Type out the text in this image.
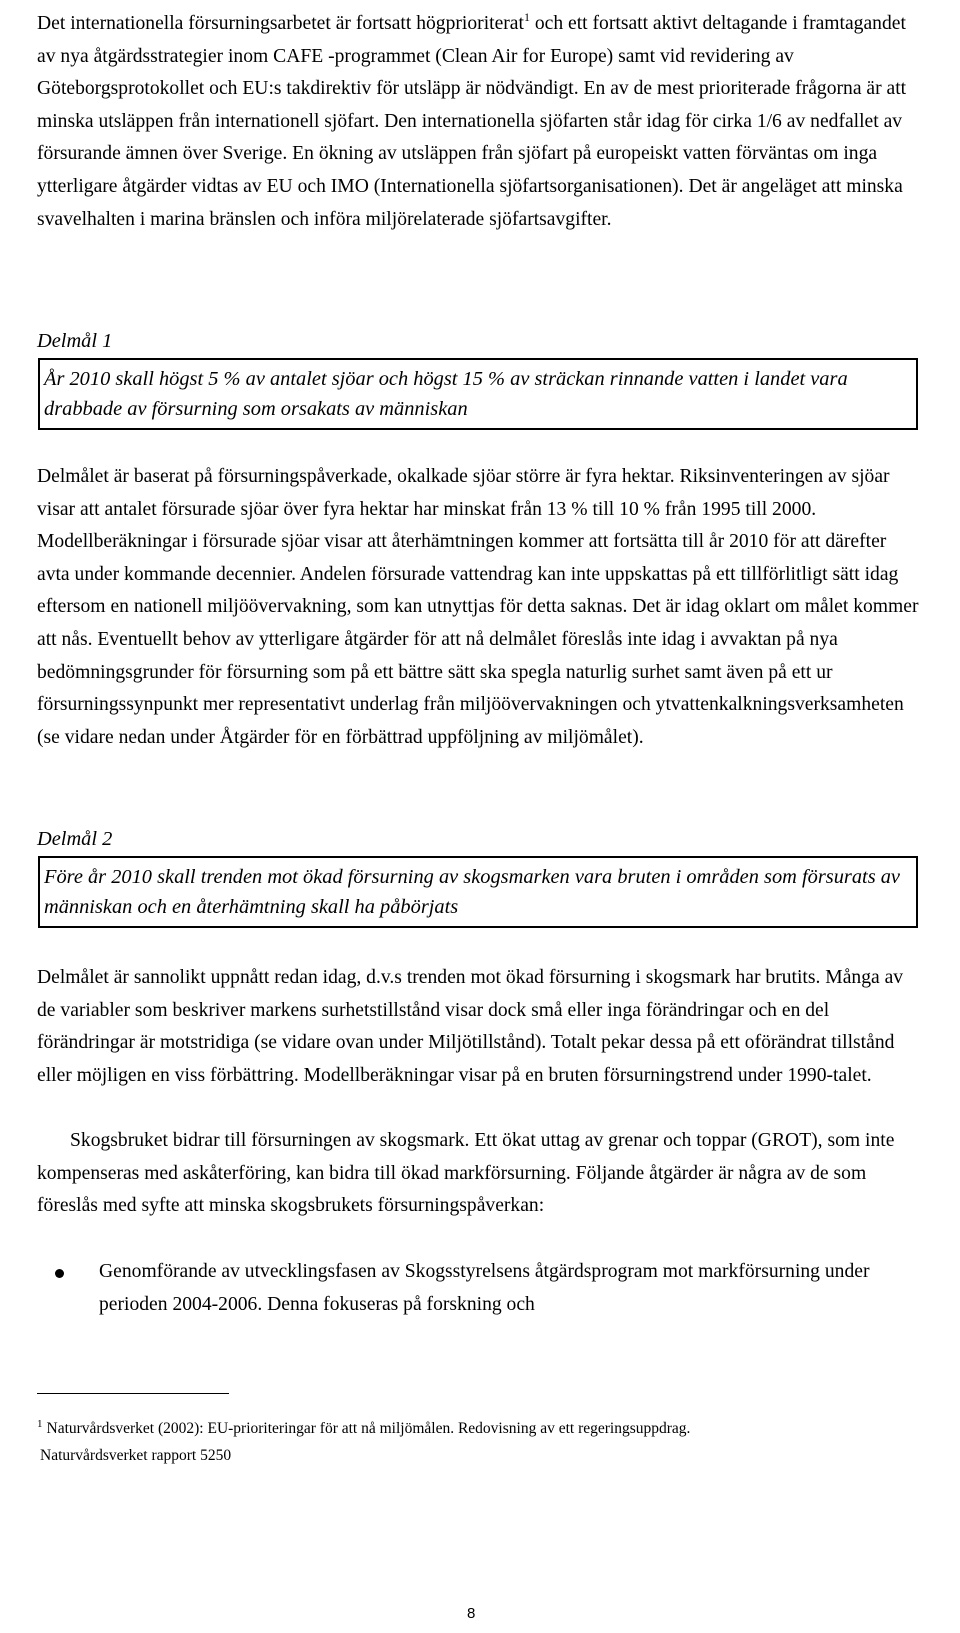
Det internationella försurningsarbetet är fortsatt högprioriterat$^1$ och ett fortsatt aktivt deltagande i framtagandet av nya åtgärdsstrategier inom CAFE -programmet (Clean Air for Europe) samt vid revidering av Göteborgsprotokollet och EU:s takdirektiv för utsläpp är nödvändigt. En av de mest prioriterade frågorna är att minska utsläppen från internationell sjöfart. Den internationella sjöfarten står idag för cirka 1/6 av nedfallet av försurande ämnen över Sverige. En ökning av utsläppen från sjöfart på europeiskt vatten förväntas om inga ytterligare åtgärder vidtas av EU och IMO (Internationella sjöfartsorganisationen). Det är angeläget att minska svavelhalten i marina bränslen och införa miljörelaterade sjöfartsavgifter.

Delmål 1
År 2010 skall högst 5 % av antalet sjöar och högst 15 % av sträckan rinnande vatten i landet vara drabbade av försurning som orsakats av människan

Delmålet är baserat på försurningspåverkade, okalkade sjöar större är fyra hektar. Riksinventeringen av sjöar visar att antalet försurade sjöar över fyra hektar har minskat från 13 % till 10 % från 1995 till 2000. Modellberäkningar i försurade sjöar visar att återhämtningen kommer att fortsätta till år 2010 för att därefter avta under kommande decennier. Andelen försurade vattendrag kan inte uppskattas på ett tillförlitligt sätt idag eftersom en nationell miljöövervakning, som kan utnyttjas för detta saknas. Det är idag oklart om målet kommer att nås. Eventuellt behov av ytterligare åtgärder för att nå delmålet föreslås inte idag i avvaktan på nya bedömningsgrunder för försurning som på ett bättre sätt ska spegla naturlig surhet samt även på ett ur försurningssynpunkt mer representativt underlag från miljöövervakningen och ytvattenkalkningsverksamheten (se vidare nedan under Åtgärder för en förbättrad uppföljning av miljömålet).

Delmål 2
Före år 2010 skall trenden mot ökad försurning av skogsmarken vara bruten i områden som försurats av människan och en återhämtning skall ha påbörjats

Delmålet är sannolikt uppnått redan idag, d.v.s trenden mot ökad försurning i skogsmark har brutits. Många av de variabler som beskriver markens surhetstillstånd visar dock små eller inga förändringar och en del förändringar är motstridiga (se vidare ovan under Miljötillstånd). Totalt pekar dessa på ett oförändrat tillstånd eller möjligen en viss förbättring. Modellberäkningar visar på en bruten försurningstrend under 1990-talet.

Skogsbruket bidrar till försurningen av skogsmark. Ett ökat uttag av grenar och toppar (GROT), som inte kompenseras med askåterföring, kan bidra till ökad markförsurning. Följande åtgärder är några av de som föreslås med syfte att minska skogsbrukets försurningspåverkan:

Genomförande av utvecklingsfasen av Skogsstyrelsens åtgärdsprogram mot markförsurning under perioden 2004-2006. Denna fokuseras på forskning och
$^1$ Naturvårdsverket (2002): EU-prioriteringar för att nå miljömålen. Redovisning av ett regeringsuppdrag.
Naturvårdsverket rapport 5250
8
